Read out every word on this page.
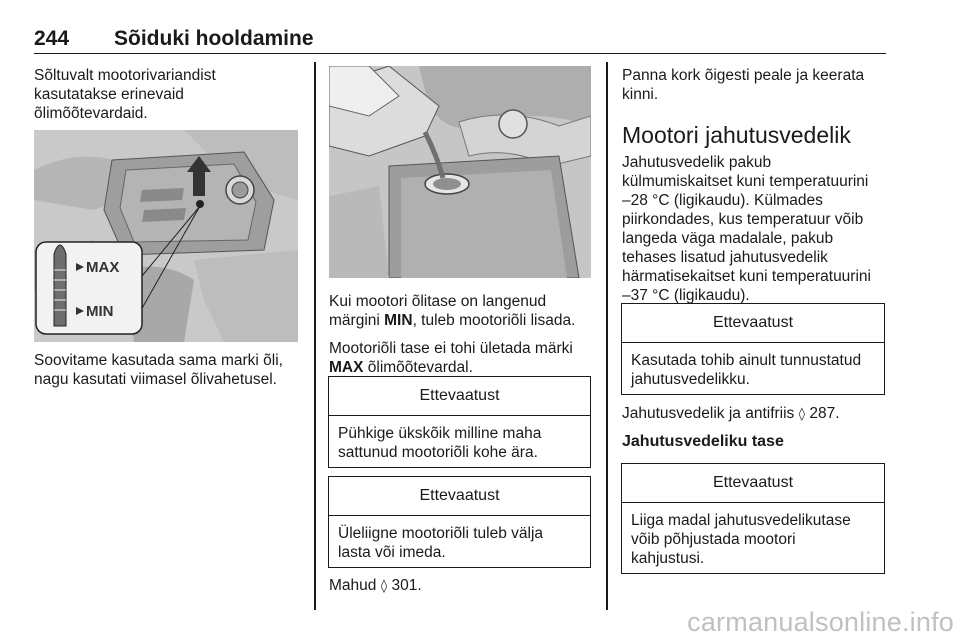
244 Sõiduki hooldamine
Sõltuvalt mootorivariandist
kasutatakse erinevaid
õlimõõtevardaid.
MAX
MIN
Soovitame kasutada sama marki õli,
nagu kasutati viimasel õlivahetusel.

Kui mootori õlitase on langenud

märgini MIN, tuleb mootoriõli lisada.

Mootoriõli tase ei tohi ületada märki

MAX õlimõõtevardal.

Ettevaatust
Pühkige ükskõik milline maha
sattunud mootoriõli kohe ära.
Ettevaatust
Üleliigne mootoriõli tuleb välja
lasta või imeda.
Mahud ◊ 301.
Panna kork õigesti peale ja keerata
kinni.
Mootori jahutusvedelik
Jahutusvedelik pakub
külmumiskaitset kuni temperatuurini
–28 °C (ligikaudu). Külmades
piirkondades, kus temperatuur võib
langeda väga madalale, pakub
tehases lisatud jahutusvedelik
härmatisekaitset kuni temperatuurini
–37 °C (ligikaudu).
Ettevaatust
Kasutada tohib ainult tunnustatud
jahutusvedelikku.
Jahutusvedelik ja antifriis ◊ 287.
Jahutusvedeliku tase
Ettevaatust
Liiga madal jahutusvedelikutase
võib põhjustada mootori
kahjustusi.
carmanualsonline.info
